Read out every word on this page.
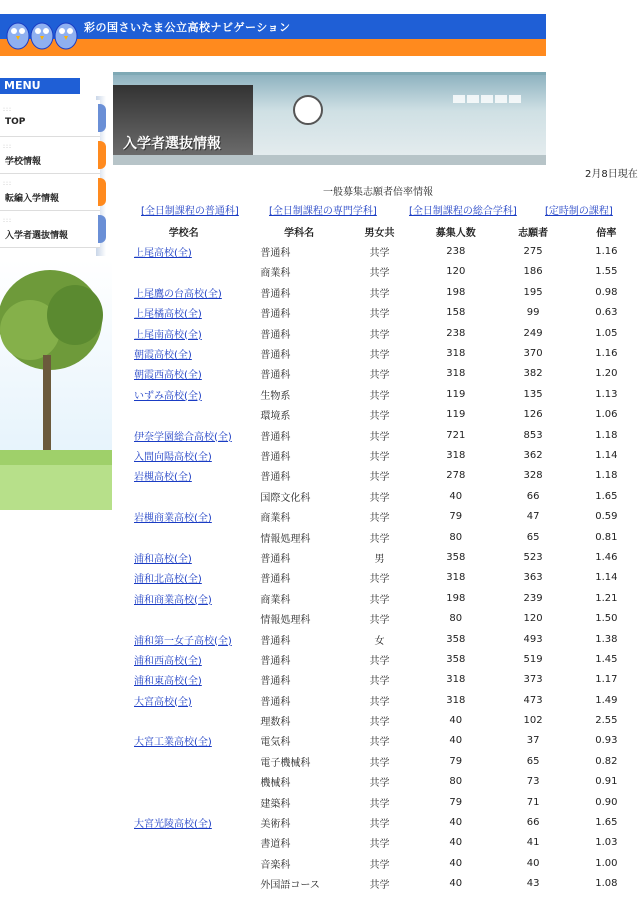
彩の国さいたま公立高校ナビゲーション
MENU
:::
TOP
:::
学校情報
:::
転編入学情報
:::
入学者選抜情報
入学者選抜情報
2月8日現在
一般募集志願者倍率情報
[全日制課程の普通科]	[全日制課程の専門学科]	[全日制課程の総合学科]	[定時制の課程]
学校名	学科名	男女共	募集人数	志願者	倍率
上尾高校(全)	普通科	共学	238	275	1.16
	商業科	共学	120	186	1.55
上尾鷹の台高校(全)	普通科	共学	198	195	0.98
上尾橘高校(全)	普通科	共学	158	99	0.63
上尾南高校(全)	普通科	共学	238	249	1.05
朝霞高校(全)	普通科	共学	318	370	1.16
朝霞西高校(全)	普通科	共学	318	382	1.20
いずみ高校(全)	生物系	共学	119	135	1.13
	環境系	共学	119	126	1.06
伊奈学園総合高校(全)	普通科	共学	721	853	1.18
入間向陽高校(全)	普通科	共学	318	362	1.14
岩槻高校(全)	普通科	共学	278	328	1.18
	国際文化科	共学	40	66	1.65
岩槻商業高校(全)	商業科	共学	79	47	0.59
	情報処理科	共学	80	65	0.81
浦和高校(全)	普通科	男	358	523	1.46
浦和北高校(全)	普通科	共学	318	363	1.14
浦和商業高校(全)	商業科	共学	198	239	1.21
	情報処理科	共学	80	120	1.50
浦和第一女子高校(全)	普通科	女	358	493	1.38
浦和西高校(全)	普通科	共学	358	519	1.45
浦和東高校(全)	普通科	共学	318	373	1.17
大宮高校(全)	普通科	共学	318	473	1.49
	理数科	共学	40	102	2.55
大宮工業高校(全)	電気科	共学	40	37	0.93
	電子機械科	共学	79	65	0.82
	機械科	共学	80	73	0.91
	建築科	共学	79	71	0.90
大宮光陵高校(全)	美術科	共学	40	66	1.65
	書道科	共学	40	41	1.03
	音楽科	共学	40	40	1.00
	外国語コース	共学	40	43	1.08
